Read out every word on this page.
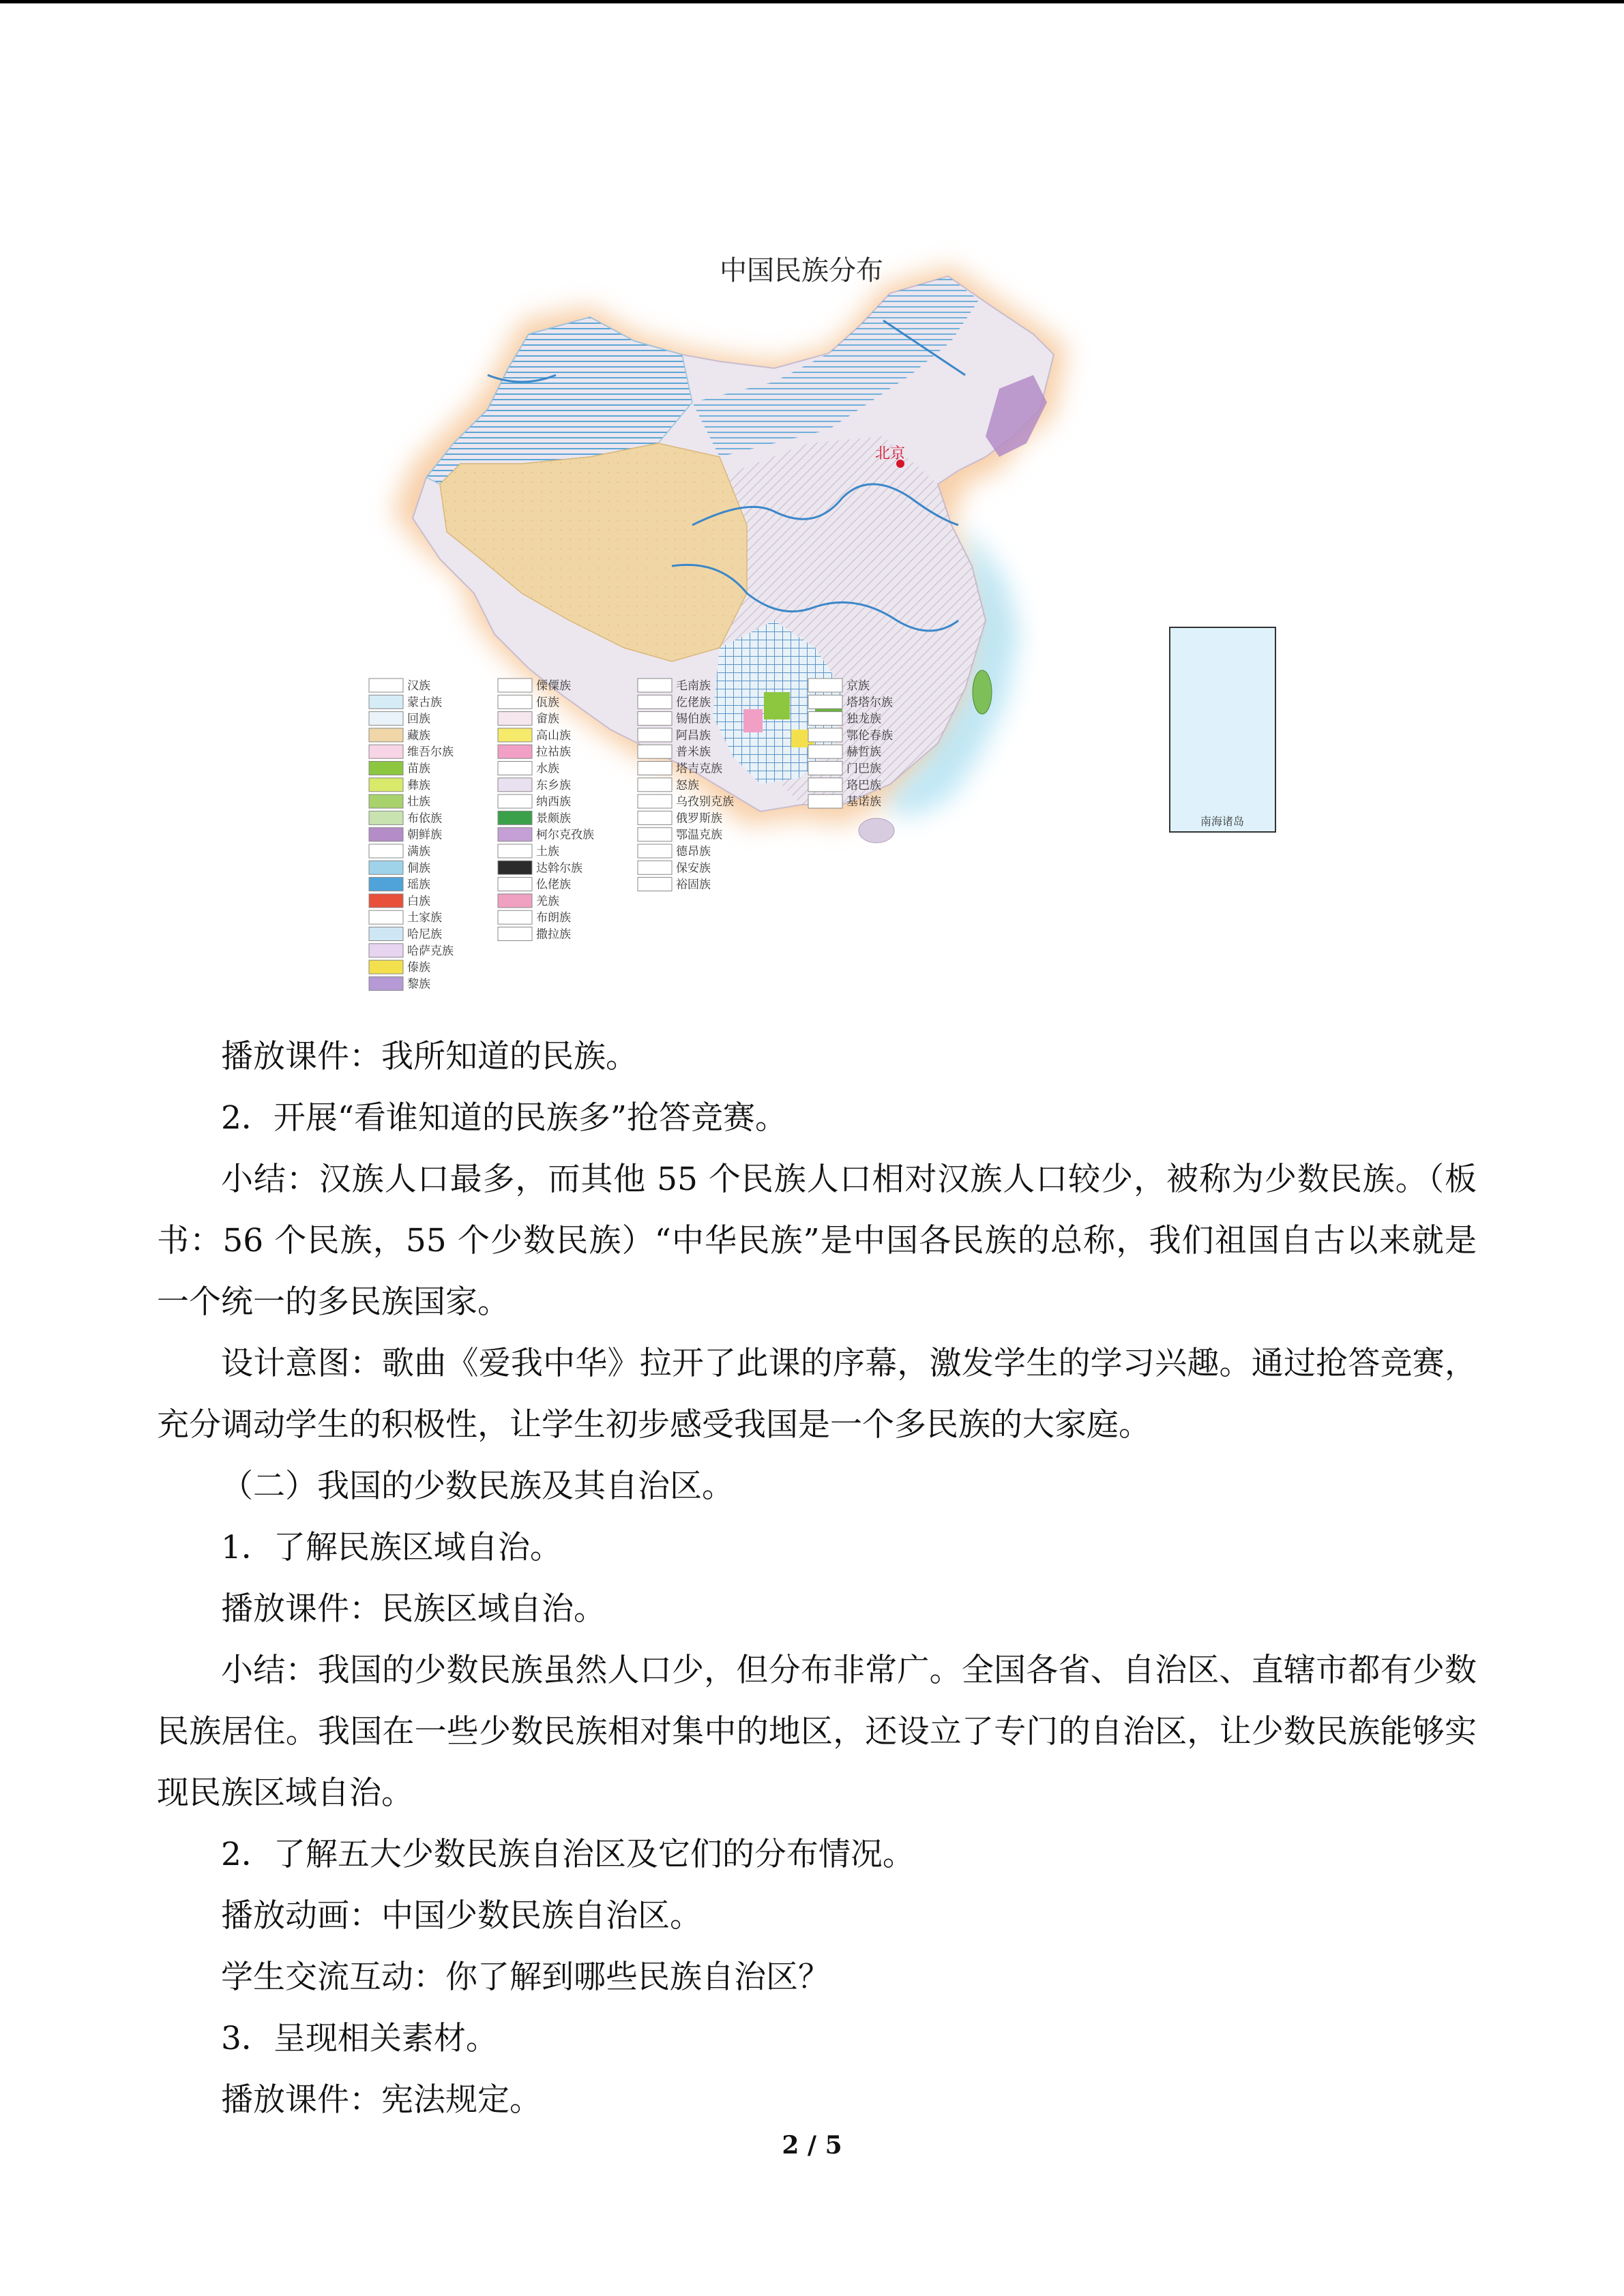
中国民族分布
北京
南海诸岛
汉族
蒙古族
回族
藏族
维吾尔族
苗族
彝族
壮族
布依族
朝鲜族
满族
侗族
瑶族
白族
土家族
哈尼族
哈萨克族
傣族
黎族
傈僳族
佤族
畲族
高山族
拉祜族
水族
东乡族
纳西族
景颇族
柯尔克孜族
土族
达斡尔族
仫佬族
羌族
布朗族
撒拉族
毛南族
仡佬族
锡伯族
阿昌族
普米族
塔吉克族
怒族
乌孜别克族
俄罗斯族
鄂温克族
德昂族
保安族
裕固族
京族
塔塔尔族
独龙族
鄂伦春族
赫哲族
门巴族
珞巴族
基诺族

播放课件：我所知道的民族。

2．开展“看谁知道的民族多”抢答竞赛。

小结：汉族人口最多，而其他 55 个民族人口相对汉族人口较少，被称为少数民族。（板书：56 个民族，55 个少数民族）“中华民族”是中国各民族的总称，我们祖国自古以来就是一个统一的多民族国家。

设计意图：歌曲《爱我中华》拉开了此课的序幕，激发学生的学习兴趣。通过抢答竞赛，充分调动学生的积极性，让学生初步感受我国是一个多民族的大家庭。

（二）我国的少数民族及其自治区。

1．了解民族区域自治。

播放课件：民族区域自治。

小结：我国的少数民族虽然人口少，但分布非常广。全国各省、自治区、直辖市都有少数民族居住。我国在一些少数民族相对集中的地区，还设立了专门的自治区，让少数民族能够实现民族区域自治。

2．了解五大少数民族自治区及它们的分布情况。

播放动画：中国少数民族自治区。

学生交流互动：你了解到哪些民族自治区？

3．呈现相关素材。

播放课件：宪法规定。

2 / 5
